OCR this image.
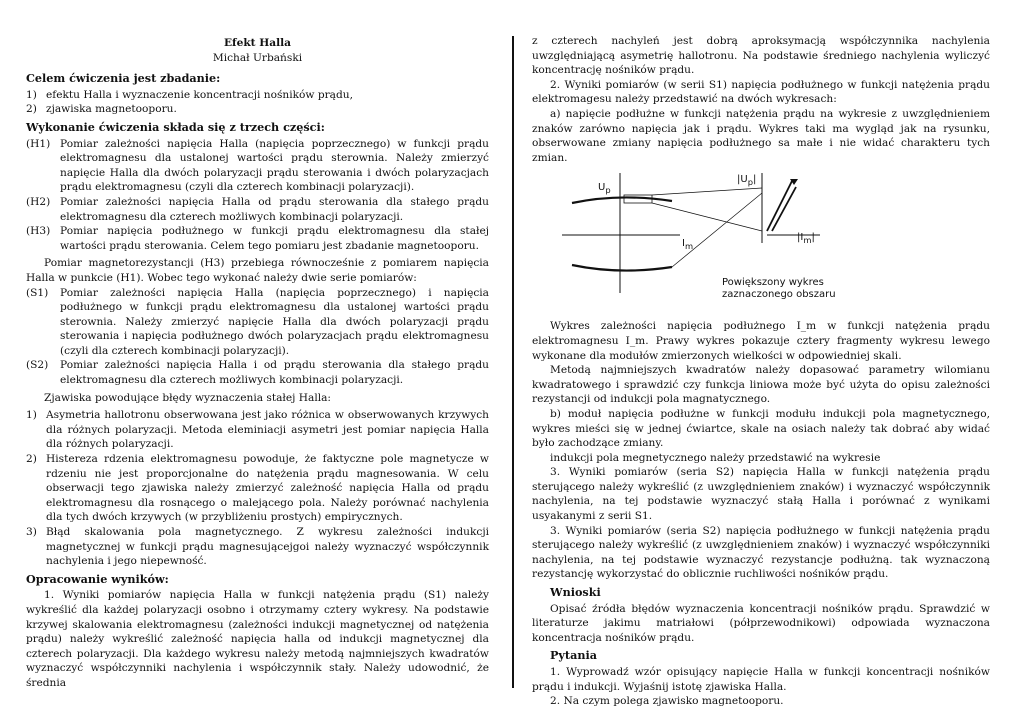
Efekt Halla

Michał Urbański

Celem ćwiczenia jest zbadanie:

1) efektu Halla i wyznaczenie koncentracji nośników prądu,
2) zjawiska magnetooporu.

Wykonanie ćwiczenia składa się z trzech części:

(H1) Pomiar zależności napięcia Halla (napięcia poprzecznego) w funkcji prądu elektromagnesu dla ustalonej wartości prądu sterownia. Należy zmierzyć napięcie Halla dla dwóch polaryzacji prądu sterowania i dwóch polaryzacjach prądu elektromagnesu (czyli dla czterech kombinacji polaryzacji).
(H2) Pomiar zależności napięcia Halla od prądu sterowania dla stałego prądu elektromagnesu dla czterech możliwych kombinacji polaryzacji.
(H3) Pomiar napięcia podłużnego w funkcji prądu elektromagnesu dla stałej wartości prądu sterowania. Celem tego pomiaru jest zbadanie magnetooporu.

Pomiar magnetorezystancji (H3) przebiega równocześnie z pomiarem napięcia Halla w punkcie (H1). Wobec tego wykonać należy dwie serie pomiarów:

(S1)	Pomiar zależności napięcia Halla (napięcia poprzecznego) i napięcia podłużnego w funkcji prądu elektromagnesu dla ustalonej wartości prądu sterownia. Należy zmierzyć napięcie Halla dla dwóch polaryzacji prądu sterowania i napięcia podłużnego dwóch polaryzacjach prądu elektromagnesu (czyli dla czterech kombinacji polaryzacji).
(S2)	Pomiar zależności napięcia Halla i od prądu sterowania dla stałego prądu elektromagnesu dla czterech możliwych kombinacji polaryzacji.

Zjawiska powodujące błędy wyznaczenia stałej Halla:

1) Asymetria hallotronu obserwowana jest jako różnica w obserwowanych krzywych dla różnych polaryzacji. Metoda eleminiacji asymetri jest pomiar napięcia Halla dla różnych polaryzacji.
2) Histereza rdzenia elektromagnesu powoduje, że faktyczne pole magnetycze w rdzeniu nie jest proporcjonalne do natężenia prądu magnesowania. W celu obserwacji tego zjawiska należy zmierzyć zależność napięcia Halla od prądu elektromagnesu dla rosnącego o malejącego pola. Należy porównać nachylenia dla tych dwóch krzywych (w przybliżeniu prostych) empirycznych.
3) Błąd skalowania pola magnetycznego. Z wykresu zależności indukcji magnetycznej w funkcji prądu magnesującejgoi należy wyznaczyć współczynnik nachylenia i jego niepewność.

Opracowanie wyników:

1. Wyniki pomiarów napięcia Halla w funkcji natężenia prądu (S1) należy wykreślić dla każdej polaryzacji osobno i otrzymamy cztery wykresy. Na podstawie krzywej skalowania elektromagnesu (zależności indukcji magnetycznej od natężenia prądu) należy wykreślić zależność napięcia halla od indukcji magnetycznej dla czterech polaryzacji. Dla każdego wykresu należy metodą najmniejszych kwadratów wyznaczyć współczynniki nachylenia i współczynnik stały. Należy udowodnić, że średnia

z czterech nachyleń jest dobrą aproksymacją współczynnika nachylenia uwzględniającą asymetrię hallotronu. Na podstawie średniego nachylenia wyliczyć koncentrację nośników prądu.

2. Wyniki pomiarów (w serii S1) napięcia podłużnego w funkcji natężenia prądu elektromagesu należy przedstawić na dwóch wykresach:

a) napięcie podłużne w funkcji natężenia prądu na wykresie z uwzględnieniem znaków zarówno napięcia jak i prądu. Wykres taki ma wygląd jak na rysunku, obserwowane zmiany napięcia podłużnego sa małe i nie widać charakteru tych zmian.

$U_p$
$|U_p|$
$|I_m|$
$I_m$
Powiększony wykres
zaznaczonego obszaru

Wykres zależności napięcia podłużnego I_m w funkcji natężenia prądu elektromagnesu I_m. Prawy wykres pokazuje cztery fragmenty wykresu lewego wykonane dla modułów zmierzonych wielkości w odpowiedniej skali.

Metodą najmniejszych kwadratów należy dopasować parametry wilomianu kwadratowego i sprawdzić czy funkcja liniowa może być użyta do opisu zależności rezystancji od indukcji pola magnatycznego.

b) moduł napięcia podłużne w funkcji modułu indukcji pola magnetycznego, wykres mieści się w jednej ćwiartce, skale na osiach należy tak dobrać aby widać było zachodzące zmiany.

indukcji pola megnetycznego należy przedstawić na wykresie

3. Wyniki pomiarów (seria S2) napięcia Halla w funkcji natężenia prądu sterującego należy wykreślić (z uwzględnieniem znaków) i wyznaczyć współczynnik nachylenia, na tej podstawie wyznaczyć stałą Halla i porównać z wynikami usyakanymi z serii S1.

3. Wyniki pomiarów (seria S2) napięcia podłużnego w funkcji natężenia prądu sterującego należy wykreślić (z uwzględnieniem znaków) i wyznaczyć współczynniki nachylenia, na tej podstawie wyznaczyć rezystancje podłużną. tak wyznaczoną rezystancję wykorzystać do oblicznie ruchliwości nośników prądu.

Wnioski

Opisać źródła błędów wyznaczenia koncentracji nośników prądu. Sprawdzić w literaturze jakimu matriałowi (półprzewodnikowi) odpowiada wyznaczona koncentracja nośników prądu.

Pytania

1. Wyprowadź wzór opisujący napięcie Halla w funkcji koncentracji nośników prądu i indukcji. Wyjaśnij istotę zjawiska Halla.

2. Na czym polega zjawisko magnetooporu.
